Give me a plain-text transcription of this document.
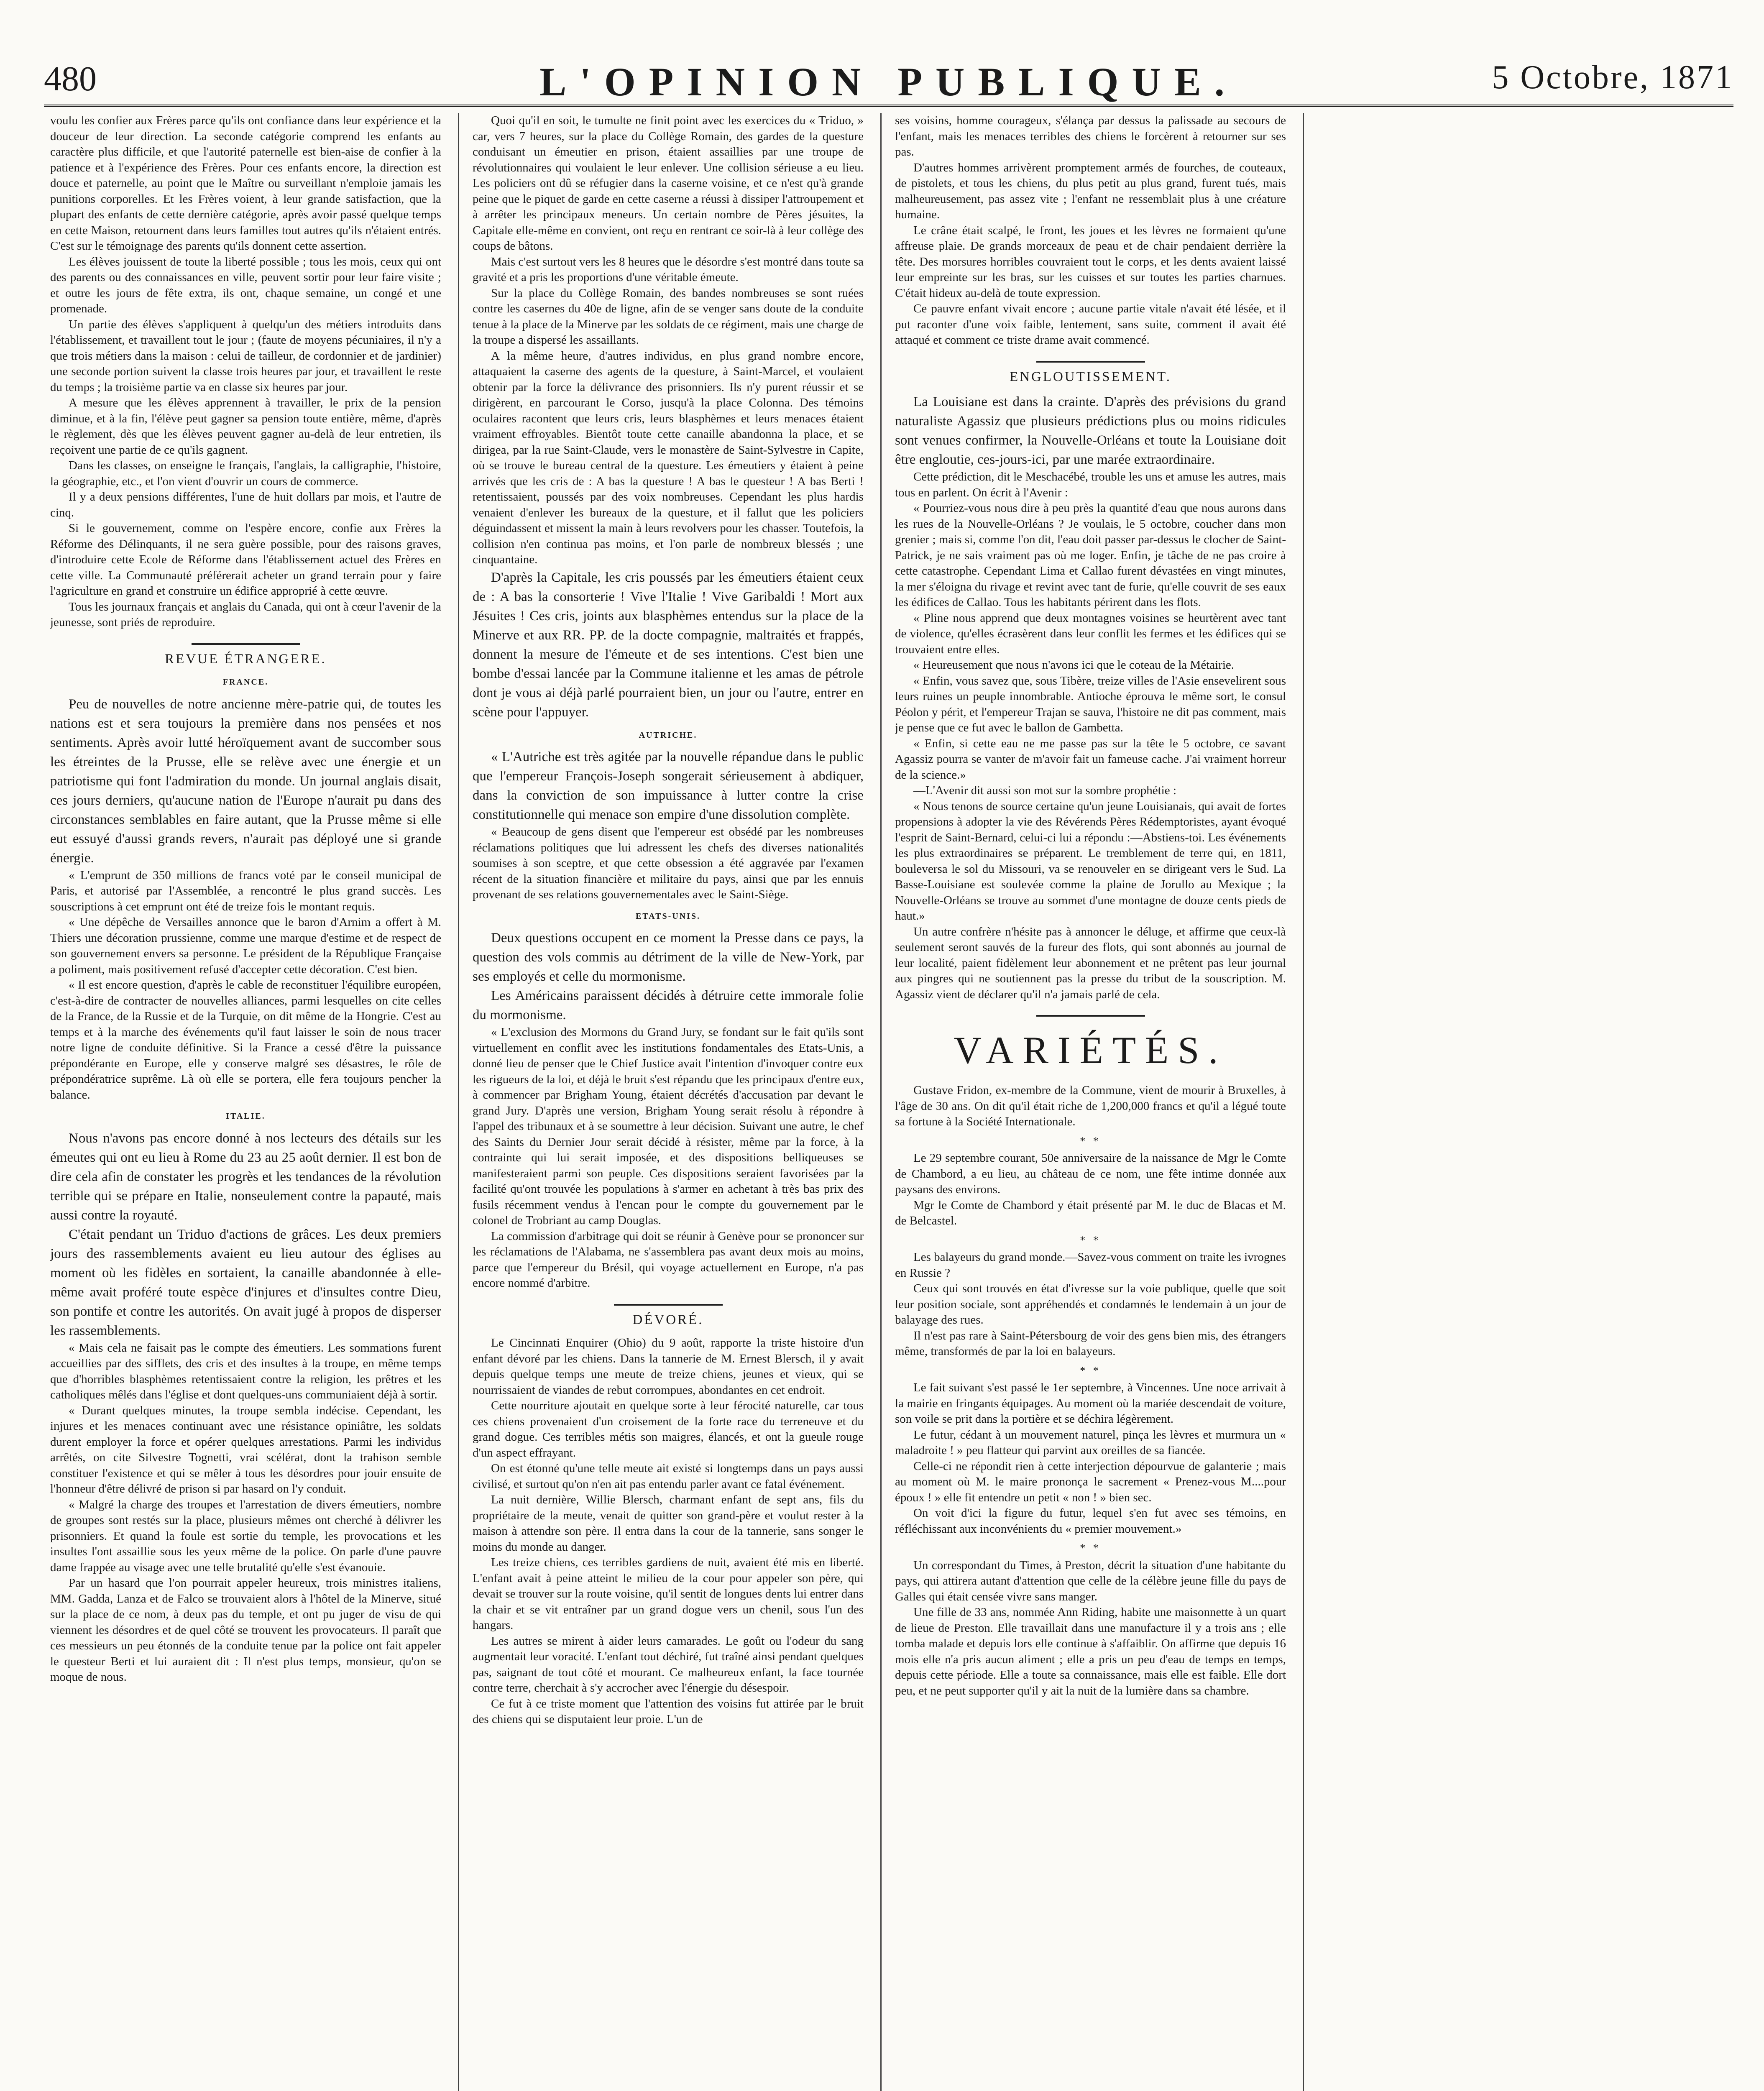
480	L'OPINION PUBLIQUE.	5 Octobre, 1871

voulu les confier aux Frères parce qu'ils ont confiance dans leur expérience et la douceur de leur direction. La seconde catégorie comprend les enfants au caractère plus difficile, et que l'autorité paternelle est bien-aise de confier à la patience et à l'expérience des Frères. Pour ces enfants encore, la direction est douce et paternelle, au point que le Maître ou surveillant n'emploie jamais les punitions corporelles. Et les Frères voient, à leur grande satisfaction, que la plupart des enfants de cette dernière catégorie, après avoir passé quelque temps en cette Maison, retournent dans leurs familles tout autres qu'ils n'étaient entrés. C'est sur le témoignage des parents qu'ils donnent cette assertion.

Les élèves jouissent de toute la liberté possible ; tous les mois, ceux qui ont des parents ou des connaissances en ville, peuvent sortir pour leur faire visite ; et outre les jours de fête extra, ils ont, chaque semaine, un congé et une promenade.

Un partie des élèves s'appliquent à quelqu'un des métiers introduits dans l'établissement, et travaillent tout le jour ; (faute de moyens pécuniaires, il n'y a que trois métiers dans la maison : celui de tailleur, de cordonnier et de jardinier) une seconde portion suivent la classe trois heures par jour, et travaillent le reste du temps ; la troisième partie va en classe six heures par jour.

A mesure que les élèves apprennent à travailler, le prix de la pension diminue, et à la fin, l'élève peut gagner sa pension toute entière, même, d'après le règlement, dès que les élèves peuvent gagner au-delà de leur entretien, ils reçoivent une partie de ce qu'ils gagnent.

Dans les classes, on enseigne le français, l'anglais, la calligraphie, l'histoire, la géographie, etc., et l'on vient d'ouvrir un cours de commerce.

Il y a deux pensions différentes, l'une de huit dollars par mois, et l'autre de cinq.

Si le gouvernement, comme on l'espère encore, confie aux Frères la Réforme des Délinquants, il ne sera guère possible, pour des raisons graves, d'introduire cette Ecole de Réforme dans l'établissement actuel des Frères en cette ville. La Communauté préférerait acheter un grand terrain pour y faire l'agriculture en grand et construire un édifice approprié à cette œuvre.

Tous les journaux français et anglais du Canada, qui ont à cœur l'avenir de la jeunesse, sont priés de reproduire.

REVUE ÉTRANGERE.
FRANCE.

Peu de nouvelles de notre ancienne mère-patrie qui, de toutes les nations est et sera toujours la première dans nos pensées et nos sentiments. Après avoir lutté héroïquement avant de succomber sous les étreintes de la Prusse, elle se relève avec une énergie et un patriotisme qui font l'admiration du monde. Un journal anglais disait, ces jours derniers, qu'aucune nation de l'Europe n'aurait pu dans des circonstances semblables en faire autant, que la Prusse même si elle eut essuyé d'aussi grands revers, n'aurait pas déployé une si grande énergie.

« L'emprunt de 350 millions de francs voté par le conseil municipal de Paris, et autorisé par l'Assemblée, a rencontré le plus grand succès. Les souscriptions à cet emprunt ont été de treize fois le montant requis.

« Une dépêche de Versailles annonce que le baron d'Arnim a offert à M. Thiers une décoration prussienne, comme une marque d'estime et de respect de son gouvernement envers sa personne. Le président de la République Française a poliment, mais positivement refusé d'accepter cette décoration. C'est bien.

« Il est encore question, d'après le cable de reconstituer l'équilibre européen, c'est-à-dire de contracter de nouvelles alliances, parmi lesquelles on cite celles de la France, de la Russie et de la Turquie, on dit même de la Hongrie. C'est au temps et à la marche des événements qu'il faut laisser le soin de nous tracer notre ligne de conduite définitive. Si la France a cessé d'être la puissance prépondérante en Europe, elle y conserve malgré ses désastres, le rôle de prépondératrice suprême. Là où elle se portera, elle fera toujours pencher la balance.

ITALIE.

Nous n'avons pas encore donné à nos lecteurs des détails sur les émeutes qui ont eu lieu à Rome du 23 au 25 août dernier. Il est bon de dire cela afin de constater les progrès et les tendances de la révolution terrible qui se prépare en Italie, nonseulement contre la papauté, mais aussi contre la royauté.

C'était pendant un Triduo d'actions de grâces. Les deux premiers jours des rassemblements avaient eu lieu autour des églises au moment où les fidèles en sortaient, la canaille abandonnée à elle-même avait proféré toute espèce d'injures et d'insultes contre Dieu, son pontife et contre les autorités. On avait jugé à propos de disperser les rassemblements.

« Mais cela ne faisait pas le compte des émeutiers. Les sommations furent accueillies par des sifflets, des cris et des insultes à la troupe, en même temps que d'horribles blasphèmes retentissaient contre la religion, les prêtres et les catholiques mêlés dans l'église et dont quelques-uns communiaient déjà à sortir.

« Durant quelques minutes, la troupe sembla indécise. Cependant, les injures et les menaces continuant avec une résistance opiniâtre, les soldats durent employer la force et opérer quelques arrestations. Parmi les individus arrêtés, on cite Silvestre Tognetti, vrai scélérat, dont la trahison semble constituer l'existence et qui se mêler à tous les désordres pour jouir ensuite de l'honneur d'être délivré de prison si par hasard on l'y conduit.

« Malgré la charge des troupes et l'arrestation de divers émeutiers, nombre de groupes sont restés sur la place, plusieurs mêmes ont cherché à délivrer les prisonniers. Et quand la foule est sortie du temple, les provocations et les insultes l'ont assaillie sous les yeux même de la police. On parle d'une pauvre dame frappée au visage avec une telle brutalité qu'elle s'est évanouie.

Par un hasard que l'on pourrait appeler heureux, trois ministres italiens, MM. Gadda, Lanza et de Falco se trouvaient alors à l'hôtel de la Minerve, situé sur la place de ce nom, à deux pas du temple, et ont pu juger de visu de qui viennent les désordres et de quel côté se trouvent les provocateurs. Il paraît que ces messieurs un peu étonnés de la conduite tenue par la police ont fait appeler le questeur Berti et lui auraient dit : Il n'est plus temps, monsieur, qu'on se moque de nous.

Quoi qu'il en soit, le tumulte ne finit point avec les exercices du « Triduo, » car, vers 7 heures, sur la place du Collège Romain, des gardes de la questure conduisant un émeutier en prison, étaient assaillies par une troupe de révolutionnaires qui voulaient le leur enlever. Une collision sérieuse a eu lieu. Les policiers ont dû se réfugier dans la caserne voisine, et ce n'est qu'à grande peine que le piquet de garde en cette caserne a réussi à dissiper l'attroupement et à arrêter les principaux meneurs. Un certain nombre de Pères jésuites, la Capitale elle-même en convient, ont reçu en rentrant ce soir-là à leur collège des coups de bâtons.

Mais c'est surtout vers les 8 heures que le désordre s'est montré dans toute sa gravité et a pris les proportions d'une véritable émeute.

Sur la place du Collège Romain, des bandes nombreuses se sont ruées contre les casernes du 40e de ligne, afin de se venger sans doute de la conduite tenue à la place de la Minerve par les soldats de ce régiment, mais une charge de la troupe a dispersé les assaillants.

A la même heure, d'autres individus, en plus grand nombre encore, attaquaient la caserne des agents de la questure, à Saint-Marcel, et voulaient obtenir par la force la délivrance des prisonniers. Ils n'y purent réussir et se dirigèrent, en parcourant le Corso, jusqu'à la place Colonna. Des témoins oculaires racontent que leurs cris, leurs blasphèmes et leurs menaces étaient vraiment effroyables. Bientôt toute cette canaille abandonna la place, et se dirigea, par la rue Saint-Claude, vers le monastère de Saint-Sylvestre in Capite, où se trouve le bureau central de la questure. Les émeutiers y étaient à peine arrivés que les cris de : A bas la questure ! A bas le questeur ! A bas Berti ! retentissaient, poussés par des voix nombreuses. Cependant les plus hardis venaient d'enlever les bureaux de la questure, et il fallut que les policiers déguindassent et missent la main à leurs revolvers pour les chasser. Toutefois, la collision n'en continua pas moins, et l'on parle de nombreux blessés ; une cinquantaine.

D'après la Capitale, les cris poussés par les émeutiers étaient ceux de : A bas la consorterie ! Vive l'Italie ! Vive Garibaldi ! Mort aux Jésuites ! Ces cris, joints aux blasphèmes entendus sur la place de la Minerve et aux RR. PP. de la docte compagnie, maltraités et frappés, donnent la mesure de l'émeute et de ses intentions. C'est bien une bombe d'essai lancée par la Commune italienne et les amas de pétrole dont je vous ai déjà parlé pourraient bien, un jour ou l'autre, entrer en scène pour l'appuyer.

AUTRICHE.

« L'Autriche est très agitée par la nouvelle répandue dans le public que l'empereur François-Joseph songerait sérieusement à abdiquer, dans la conviction de son impuissance à lutter contre la crise constitutionnelle qui menace son empire d'une dissolution complète.

« Beaucoup de gens disent que l'empereur est obsédé par les nombreuses réclamations politiques que lui adressent les chefs des diverses nationalités soumises à son sceptre, et que cette obsession a été aggravée par l'examen récent de la situation financière et militaire du pays, ainsi que par les ennuis provenant de ses relations gouvernementales avec le Saint-Siège.

ETATS-UNIS.

Deux questions occupent en ce moment la Presse dans ce pays, la question des vols commis au détriment de la ville de New-York, par ses employés et celle du mormonisme.

Les Américains paraissent décidés à détruire cette immorale folie du mormonisme.

« L'exclusion des Mormons du Grand Jury, se fondant sur le fait qu'ils sont virtuellement en conflit avec les institutions fondamentales des Etats-Unis, a donné lieu de penser que le Chief Justice avait l'intention d'invoquer contre eux les rigueurs de la loi, et déjà le bruit s'est répandu que les principaux d'entre eux, à commencer par Brigham Young, étaient décrétés d'accusation par devant le grand Jury. D'après une version, Brigham Young serait résolu à répondre à l'appel des tribunaux et à se soumettre à leur décision. Suivant une autre, le chef des Saints du Dernier Jour serait décidé à résister, même par la force, à la contrainte qui lui serait imposée, et des dispositions belliqueuses se manifesteraient parmi son peuple. Ces dispositions seraient favorisées par la facilité qu'ont trouvée les populations à s'armer en achetant à très bas prix des fusils récemment vendus à l'encan pour le compte du gouvernement par le colonel de Trobriant au camp Douglas.

La commission d'arbitrage qui doit se réunir à Genève pour se prononcer sur les réclamations de l'Alabama, ne s'assemblera pas avant deux mois au moins, parce que l'empereur du Brésil, qui voyage actuellement en Europe, n'a pas encore nommé d'arbitre.

DÉVORÉ.

Le Cincinnati Enquirer (Ohio) du 9 août, rapporte la triste histoire d'un enfant dévoré par les chiens. Dans la tannerie de M. Ernest Blersch, il y avait depuis quelque temps une meute de treize chiens, jeunes et vieux, qui se nourrissaient de viandes de rebut corrompues, abondantes en cet endroit.

Cette nourriture ajoutait en quelque sorte à leur férocité naturelle, car tous ces chiens provenaient d'un croisement de la forte race du terreneuve et du grand dogue. Ces terribles métis son maigres, élancés, et ont la gueule rouge d'un aspect effrayant.

On est étonné qu'une telle meute ait existé si longtemps dans un pays aussi civilisé, et surtout qu'on n'en ait pas entendu parler avant ce fatal événement.

La nuit dernière, Willie Blersch, charmant enfant de sept ans, fils du propriétaire de la meute, venait de quitter son grand-père et voulut rester à la maison à attendre son père. Il entra dans la cour de la tannerie, sans songer le moins du monde au danger.

Les treize chiens, ces terribles gardiens de nuit, avaient été mis en liberté. L'enfant avait à peine atteint le milieu de la cour pour appeler son père, qui devait se trouver sur la route voisine, qu'il sentit de longues dents lui entrer dans la chair et se vit entraîner par un grand dogue vers un chenil, sous l'un des hangars.

Les autres se mirent à aider leurs camarades. Le goût ou l'odeur du sang augmentait leur voracité. L'enfant tout déchiré, fut traîné ainsi pendant quelques pas, saignant de tout côté et mourant. Ce malheureux enfant, la face tournée contre terre, cherchait à s'y accrocher avec l'énergie du désespoir.

Ce fut à ce triste moment que l'attention des voisins fut attirée par le bruit des chiens qui se disputaient leur proie. L'un de

ses voisins, homme courageux, s'élança par dessus la palissade au secours de l'enfant, mais les menaces terribles des chiens le forcèrent à retourner sur ses pas.

D'autres hommes arrivèrent promptement armés de fourches, de couteaux, de pistolets, et tous les chiens, du plus petit au plus grand, furent tués, mais malheureusement, pas assez vite ; l'enfant ne ressemblait plus à une créature humaine.

Le crâne était scalpé, le front, les joues et les lèvres ne formaient qu'une affreuse plaie. De grands morceaux de peau et de chair pendaient derrière la tête. Des morsures horribles couvraient tout le corps, et les dents avaient laissé leur empreinte sur les bras, sur les cuisses et sur toutes les parties charnues. C'était hideux au-delà de toute expression.

Ce pauvre enfant vivait encore ; aucune partie vitale n'avait été lésée, et il put raconter d'une voix faible, lentement, sans suite, comment il avait été attaqué et comment ce triste drame avait commencé.

ENGLOUTISSEMENT.

La Louisiane est dans la crainte. D'après des prévisions du grand naturaliste Agassiz que plusieurs prédictions plus ou moins ridicules sont venues confirmer, la Nouvelle-Orléans et toute la Louisiane doit être engloutie, ces-jours-ici, par une marée extraordinaire.

Cette prédiction, dit le Meschacébé, trouble les uns et amuse les autres, mais tous en parlent. On écrit à l'Avenir :

« Pourriez-vous nous dire à peu près la quantité d'eau que nous aurons dans les rues de la Nouvelle-Orléans ? Je voulais, le 5 octobre, coucher dans mon grenier ; mais si, comme l'on dit, l'eau doit passer par-dessus le clocher de Saint-Patrick, je ne sais vraiment pas où me loger. Enfin, je tâche de ne pas croire à cette catastrophe. Cependant Lima et Callao furent dévastées en vingt minutes, la mer s'éloigna du rivage et revint avec tant de furie, qu'elle couvrit de ses eaux les édifices de Callao. Tous les habitants périrent dans les flots.

« Pline nous apprend que deux montagnes voisines se heurtèrent avec tant de violence, qu'elles écrasèrent dans leur conflit les fermes et les édifices qui se trouvaient entre elles.

« Heureusement que nous n'avons ici que le coteau de la Métairie.

« Enfin, vous savez que, sous Tibère, treize villes de l'Asie ensevelirent sous leurs ruines un peuple innombrable. Antioche éprouva le même sort, le consul Péolon y périt, et l'empereur Trajan se sauva, l'histoire ne dit pas comment, mais je pense que ce fut avec le ballon de Gambetta.

« Enfin, si cette eau ne me passe pas sur la tête le 5 octobre, ce savant Agassiz pourra se vanter de m'avoir fait un fameuse cache. J'ai vraiment horreur de la science.»

—L'Avenir dit aussi son mot sur la sombre prophétie :

« Nous tenons de source certaine qu'un jeune Louisianais, qui avait de fortes propensions à adopter la vie des Révérends Pères Rédemptoristes, ayant évoqué l'esprit de Saint-Bernard, celui-ci lui a répondu :—Abstiens-toi. Les événements les plus extraordinaires se préparent. Le tremblement de terre qui, en 1811, bouleversa le sol du Missouri, va se renouveler en se dirigeant vers le Sud. La Basse-Louisiane est soulevée comme la plaine de Jorullo au Mexique ; la Nouvelle-Orléans se trouve au sommet d'une montagne de douze cents pieds de haut.»

Un autre confrère n'hésite pas à annoncer le déluge, et affirme que ceux-là seulement seront sauvés de la fureur des flots, qui sont abonnés au journal de leur localité, paient fidèlement leur abonnement et ne prêtent pas leur journal aux pingres qui ne soutiennent pas la presse du tribut de la souscription. M. Agassiz vient de déclarer qu'il n'a jamais parlé de cela.

VARIÉTÉS.

Gustave Fridon, ex-membre de la Commune, vient de mourir à Bruxelles, à l'âge de 30 ans. On dit qu'il était riche de 1,200,000 francs et qu'il a légué toute sa fortune à la Société Internationale.

* *

Le 29 septembre courant, 50e anniversaire de la naissance de Mgr le Comte de Chambord, a eu lieu, au château de ce nom, une fête intime donnée aux paysans des environs.

Mgr le Comte de Chambord y était présenté par M. le duc de Blacas et M. de Belcastel.

* *

Les balayeurs du grand monde.—Savez-vous comment on traite les ivrognes en Russie ?

Ceux qui sont trouvés en état d'ivresse sur la voie publique, quelle que soit leur position sociale, sont appréhendés et condamnés le lendemain à un jour de balayage des rues.

Il n'est pas rare à Saint-Pétersbourg de voir des gens bien mis, des étrangers même, transformés de par la loi en balayeurs.

* *

Le fait suivant s'est passé le 1er septembre, à Vincennes. Une noce arrivait à la mairie en fringants équipages. Au moment où la mariée descendait de voiture, son voile se prit dans la portière et se déchira légèrement.

Le futur, cédant à un mouvement naturel, pinça les lèvres et murmura un « maladroite ! » peu flatteur qui parvint aux oreilles de sa fiancée.

Celle-ci ne répondit rien à cette interjection dépourvue de galanterie ; mais au moment où M. le maire prononça le sacrement « Prenez-vous M....pour époux ! » elle fit entendre un petit « non ! » bien sec.

On voit d'ici la figure du futur, lequel s'en fut avec ses témoins, en réfléchissant aux inconvénients du « premier mouvement.»

* *

Un correspondant du Times, à Preston, décrit la situation d'une habitante du pays, qui attirera autant d'attention que celle de la célèbre jeune fille du pays de Galles qui était censée vivre sans manger.

Une fille de 33 ans, nommée Ann Riding, habite une maisonnette à un quart de lieue de Preston. Elle travaillait dans une manufacture il y a trois ans ; elle tomba malade et depuis lors elle continue à s'affaiblir. On affirme que depuis 16 mois elle n'a pris aucun aliment ; elle a pris un peu d'eau de temps en temps, depuis cette période. Elle a toute sa connaissance, mais elle est faible. Elle dort peu, et ne peut supporter qu'il y ait la nuit de la lumière dans sa chambre.
